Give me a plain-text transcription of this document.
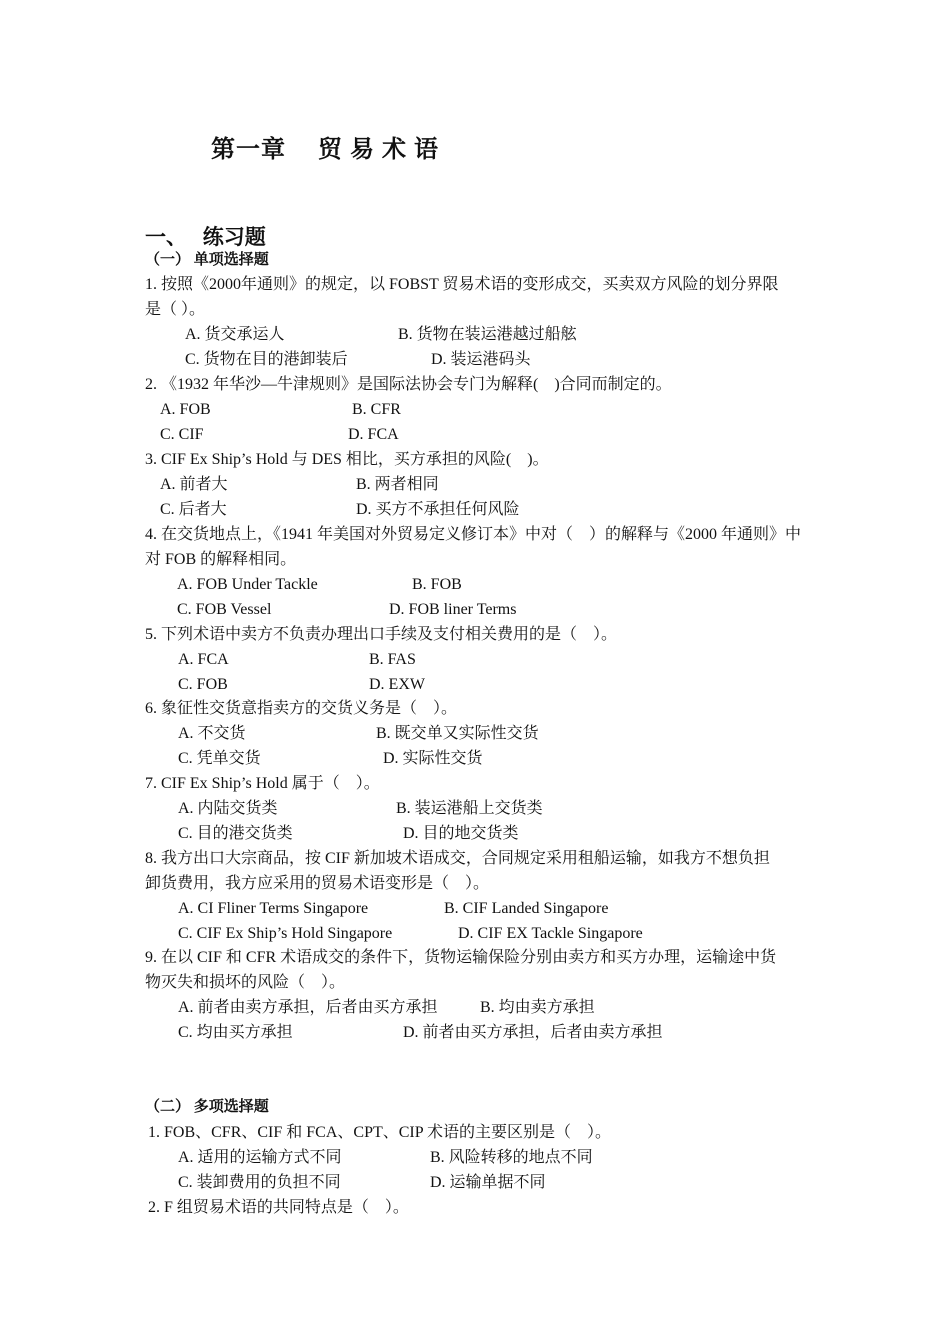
第一章　 贸 易 术 语
一、　 练习题
（一） 单项选择题
1. 按照《2000年通则》的规定，以 FOBST 贸易术语的变形成交，买卖双方风险的划分界限
是（ ）。
A. 货交承运人	B. 货物在装运港越过船舷
C. 货物在目的港卸装后	D. 装运港码头
2. 《1932 年华沙—牛津规则》是国际法协会专门为解释(　)合同而制定的。
A. FOB	B. CFR
C. CIF	D. FCA
3. CIF Ex Ship’s Hold 与 DES 相比，买方承担的风险(　)。
A. 前者大	B. 两者相同
C. 后者大	D. 买方不承担任何风险
4. 在交货地点上，《1941 年美国对外贸易定义修订本》中对（　）的解释与《2000 年通则》中
对 FOB 的解释相同。
A. FOB Under Tackle	B. FOB
C. FOB Vessel	D. FOB liner Terms
5. 下列术语中卖方不负责办理出口手续及支付相关费用的是（　）。
A. FCA	B. FAS
C. FOB	D. EXW
6. 象征性交货意指卖方的交货义务是（　）。
A. 不交货	B. 既交单又实际性交货
C. 凭单交货	D. 实际性交货
7. CIF Ex Ship’s Hold 属于（　）。
A. 内陆交货类	B. 装运港船上交货类
C. 目的港交货类	D. 目的地交货类
8. 我方出口大宗商品，按 CIF 新加坡术语成交，合同规定采用租船运输，如我方不想负担
卸货费用，我方应采用的贸易术语变形是（　）。
A. CI Fliner Terms Singapore	B. CIF Landed Singapore
C. CIF Ex Ship’s Hold Singapore	D. CIF EX Tackle Singapore
9. 在以 CIF 和 CFR 术语成交的条件下，货物运输保险分别由卖方和买方办理，运输途中货
物灭失和损坏的风险（　）。
A. 前者由卖方承担，后者由买方承担	B. 均由卖方承担
C. 均由买方承担	D. 前者由买方承担，后者由卖方承担
（二） 多项选择题
1. FOB、CFR、CIF 和 FCA、CPT、CIP 术语的主要区别是（　）。
A. 适用的运输方式不同	B. 风险转移的地点不同
C. 装卸费用的负担不同	D. 运输单据不同
2. F 组贸易术语的共同特点是（　）。
